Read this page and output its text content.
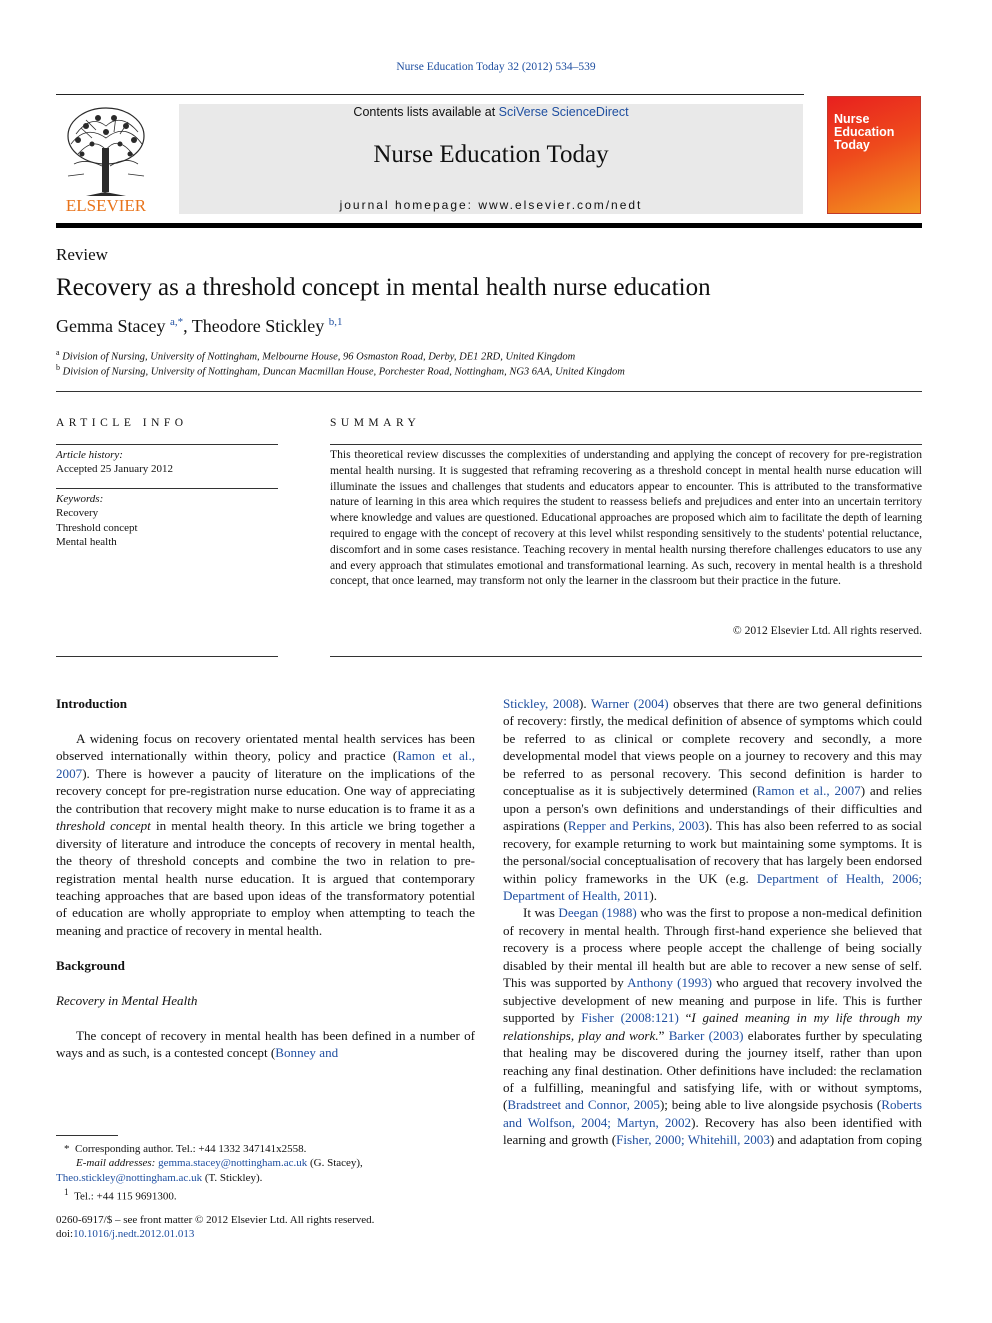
Nurse Education Today 32 (2012) 534–539
ELSEVIER
Contents lists available at SciVerse ScienceDirect
Nurse Education Today
journal homepage: www.elsevier.com/nedt
Nurse Education Today
Review
Recovery as a threshold concept in mental health nurse education
Gemma Stacey $^{a,*}$, Theodore Stickley $^{b,1}$
$^a$ Division of Nursing, University of Nottingham, Melbourne House, 96 Osmaston Road, Derby, DE1 2RD, United Kingdom
$^b$ Division of Nursing, University of Nottingham, Duncan Macmillan House, Porchester Road, Nottingham, NG3 6AA, United Kingdom
ARTICLE INFO
Article history:
Accepted 25 January 2012
Keywords:
Recovery
Threshold concept
Mental health
SUMMARY
This theoretical review discusses the complexities of understanding and applying the concept of recovery for pre-registration mental health nursing. It is suggested that reframing recovering as a threshold concept in mental health nurse education will illuminate the issues and challenges that students and educators appear to encounter. This is attributed to the transformative nature of learning in this area which requires the student to reassess beliefs and prejudices and enter into an uncertain territory where knowledge and values are questioned. Educational approaches are proposed which aim to facilitate the depth of learning required to engage with the concept of recovery at this level whilst responding sensitively to the students' potential reluctance, discomfort and in some cases resistance. Teaching recovery in mental health nursing therefore challenges educators to use any and every approach that stimulates emotional and transformational learning. As such, recovery in mental health is a threshold concept, that once learned, may transform not only the learner in the classroom but their practice in the future.
© 2012 Elsevier Ltd. All rights reserved.

Introduction

A widening focus on recovery orientated mental health services has been observed internationally within theory, policy and practice (Ramon et al., 2007). There is however a paucity of literature on the implications of the recovery concept for pre-registration nurse education. One way of appreciating the contribution that recovery might make to nurse education is to frame it as a threshold concept in mental health theory. In this article we bring together a diversity of literature and introduce the concepts of recovery in mental health, the theory of threshold concepts and combine the two in relation to pre-registration mental health nurse education. It is argued that contemporary teaching approaches that are based upon ideas of the transformatory potential of education are wholly appropriate to employ when attempting to teach the meaning and practice of recovery in mental health.

Background

Recovery in Mental Health

The concept of recovery in mental health has been defined in a number of ways and as such, is a contested concept (Bonney and

Stickley, 2008). Warner (2004) observes that there are two general definitions of recovery: firstly, the medical definition of absence of symptoms which could be referred to as clinical or complete recovery and secondly, a more developmental model that views people on a journey to recovery and this may be referred to as personal recovery. This second definition is harder to conceptualise as it is subjectively determined (Ramon et al., 2007) and relies upon a person's own definitions and understandings of their difficulties and aspirations (Repper and Perkins, 2003). This has also been referred to as social recovery, for example returning to work but maintaining some symptoms. It is the personal/social conceptualisation of recovery that has largely been endorsed within policy frameworks in the UK (e.g. Department of Health, 2006; Department of Health, 2011).

It was Deegan (1988) who was the first to propose a non-medical definition of recovery in mental health. Through first-hand experience she believed that recovery is a process where people accept the challenge of being socially disabled by their mental ill health but are able to recover a new sense of self. This was supported by Anthony (1993) who argued that recovery involved the subjective development of new meaning and purpose in life. This is further supported by Fisher (2008:121) “I gained meaning in my life through my relationships, play and work.” Barker (2003) elaborates further by speculating that healing may be discovered during the journey itself, rather than upon reaching any final destination. Other definitions have included: the reclamation of a fulfilling, meaningful and satisfying life, with or without symptoms, (Bradstreet and Connor, 2005); being able to live alongside psychosis (Roberts and Wolfson, 2004; Martyn, 2002). Recovery has also been identified with learning and growth (Fisher, 2000; Whitehill, 2003) and adaptation from coping

* Corresponding author. Tel.: +44 1332 347141x2558.
E-mail addresses: gemma.stacey@nottingham.ac.uk (G. Stacey),
Theo.stickley@nottingham.ac.uk (T. Stickley).
$^1$ Tel.: +44 115 9691300.
0260-6917/$ – see front matter © 2012 Elsevier Ltd. All rights reserved.
doi:10.1016/j.nedt.2012.01.013
